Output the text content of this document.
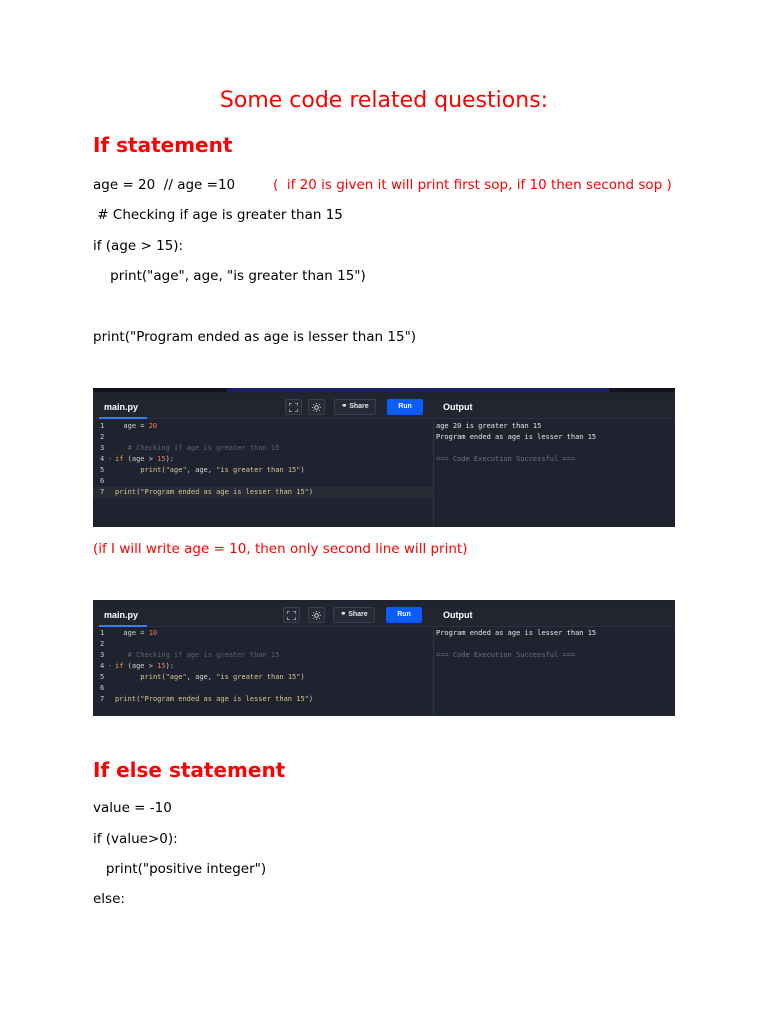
Some code related questions:
If statement
age = 20  // age =10	(  if 20 is given it will print first sop, if 10 then second sop )
# Checking if age is greater than 15
if (age > 15):
print("age", age, "is greater than 15")
print("Program ended as age is lesser than 15")
main.py	⚭ Share	Run	Output
1  age = 20
2
3   # Checking if age is greater than 15
4 - if (age > 15):
5	print("age", age, "is greater than 15")
6
7 print("Program ended as age is lesser than 15")
age 20 is greater than 15
Program ended as age is lesser than 15
=== Code Execution Successful ===
(if I will write age = 10, then only second line will print)
main.py	⚭ Share	Run	Output
1  age = 10
2
3   # Checking if age is greater than 15
4 - if (age > 15):
5	print("age", age, "is greater than 15")
6
7 print("Program ended as age is lesser than 15")
Program ended as age is lesser than 15
=== Code Execution Successful ===
If else statement
value = -10
if (value>0):
print("positive integer")
else:
